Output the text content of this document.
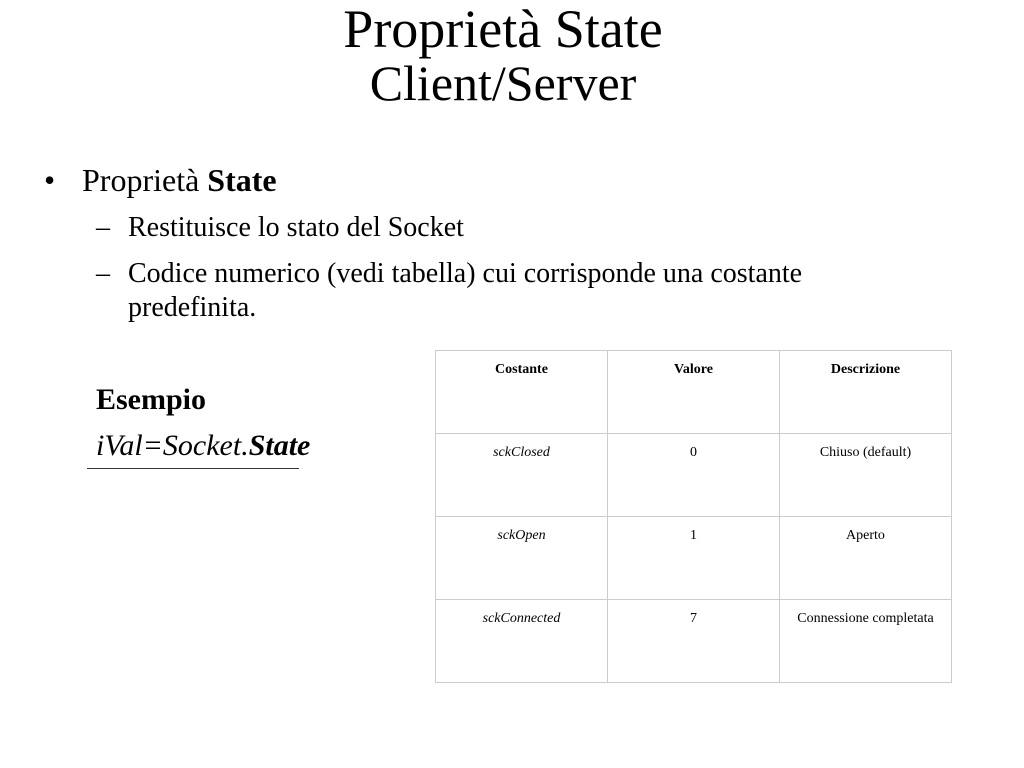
Proprietà State
Client/Server
• Proprietà State
– Restituisce lo stato del Socket
– Codice numerico (vedi tabella) cui corrisponde una costante predefinita.
Esempio
iVal=Socket.State
Costante	Valore	Descrizione
sckClosed	0	Chiuso (default)
sckOpen	1	Aperto
sckConnected	7	Connessione completata
